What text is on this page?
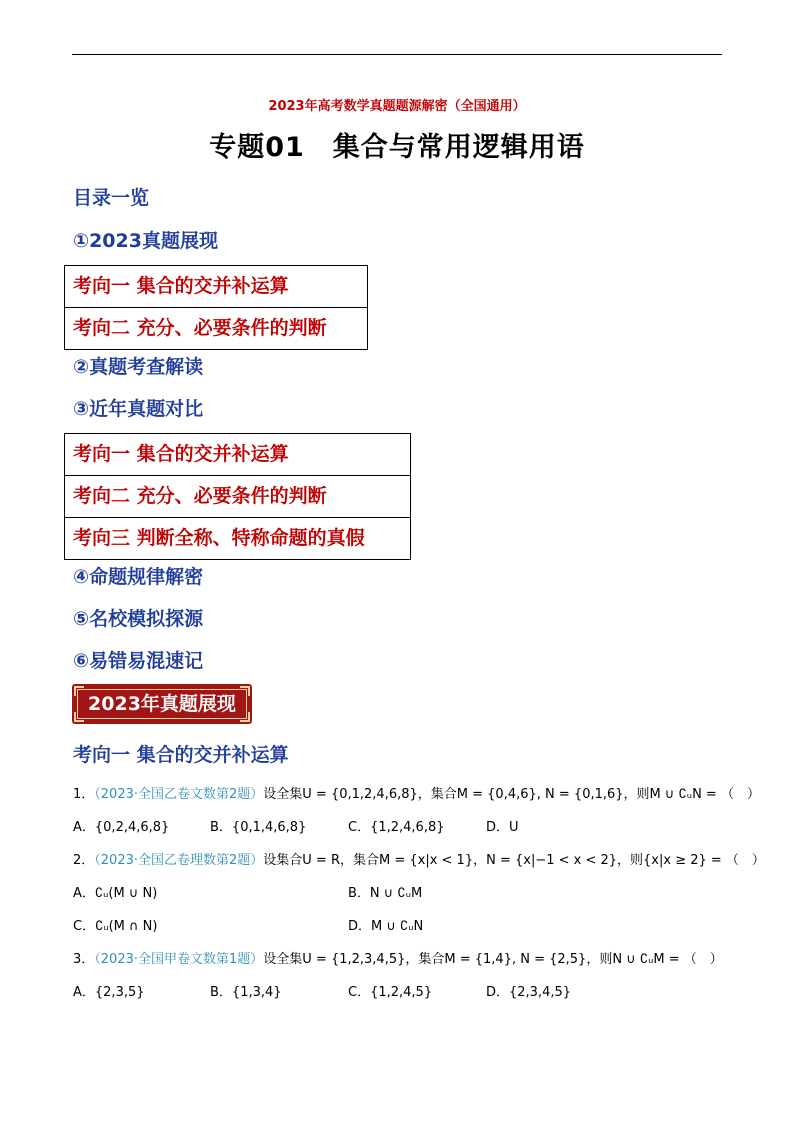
2023年高考数学真题题源解密（全国通用）
专题01　集合与常用逻辑用语
目录一览
①2023真题展现
考向一 集合的交并补运算
考向二 充分、必要条件的判断
②真题考查解读
③近年真题对比
考向一 集合的交并补运算
考向二 充分、必要条件的判断
考向三 判断全称、特称命题的真假
④命题规律解密
⑤名校模拟探源
⑥易错易混速记
2023年真题展现
考向一 集合的交并补运算
1．（2023·全国乙卷文数第2题）设全集U = {0,1,2,4,6,8}，集合M = {0,4,6}, N = {0,1,6}，则M ∪ ∁ᵤN = （　）
A．{0,2,4,6,8}	B．{0,1,4,6,8}	C．{1,2,4,6,8}	D．U
2．（2023·全国乙卷理数第2题）设集合U = R，集合M = {x|x < 1}，N = {x|−1 < x < 2}，则{x|x ≥ 2} = （　）
A．∁ᵤ(M ∪ N)	B．N ∪ ∁ᵤM
C．∁ᵤ(M ∩ N)	D．M ∪ ∁ᵤN
3．（2023·全国甲卷文数第1题）设全集U = {1,2,3,4,5}，集合M = {1,4}, N = {2,5}，则N ∪ ∁ᵤM = （　）
A．{2,3,5}	B．{1,3,4}	C．{1,2,4,5}	D．{2,3,4,5}
